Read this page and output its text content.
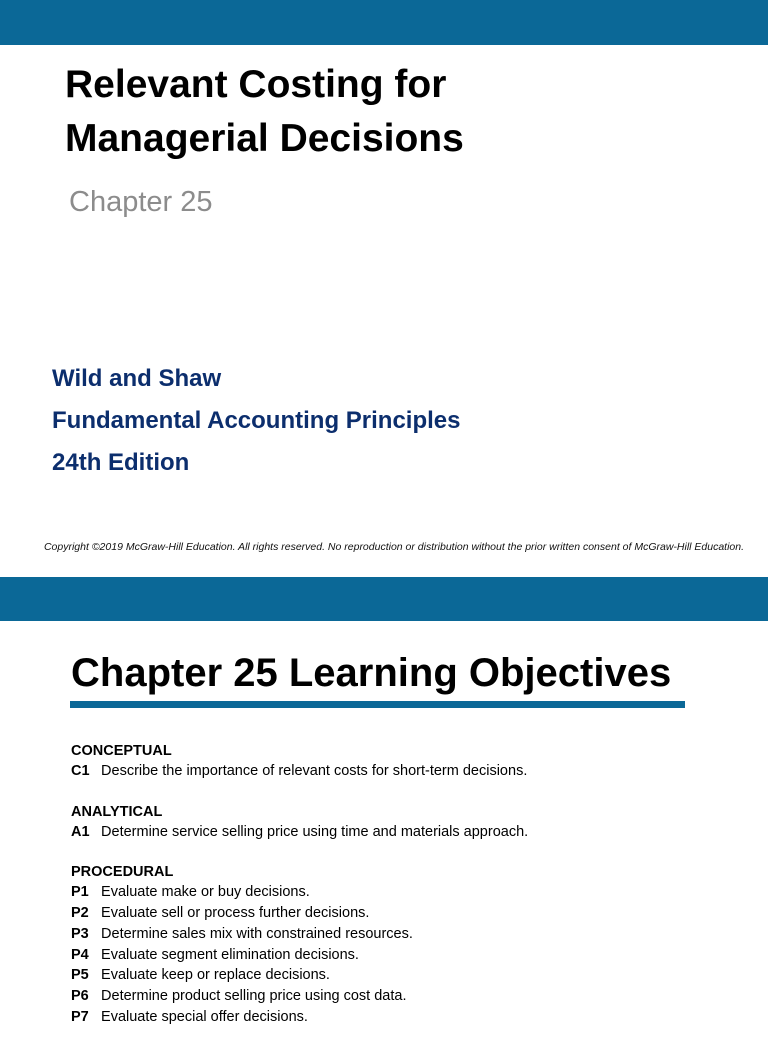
Relevant Costing for
Managerial Decisions
Chapter 25
Wild and Shaw
Fundamental Accounting Principles
24th Edition
Copyright ©2019 McGraw-Hill Education. All rights reserved. No reproduction or distribution without the prior written consent of McGraw-Hill Education.
Chapter 25 Learning Objectives
CONCEPTUAL
C1 Describe the importance of relevant costs for short-term decisions.
ANALYTICAL
A1 Determine service selling price using time and materials approach.
PROCEDURAL
P1 Evaluate make or buy decisions.
P2 Evaluate sell or process further decisions.
P3 Determine sales mix with constrained resources.
P4 Evaluate segment elimination decisions.
P5 Evaluate keep or replace decisions.
P6 Determine product selling price using cost data.
P7 Evaluate special offer decisions.
